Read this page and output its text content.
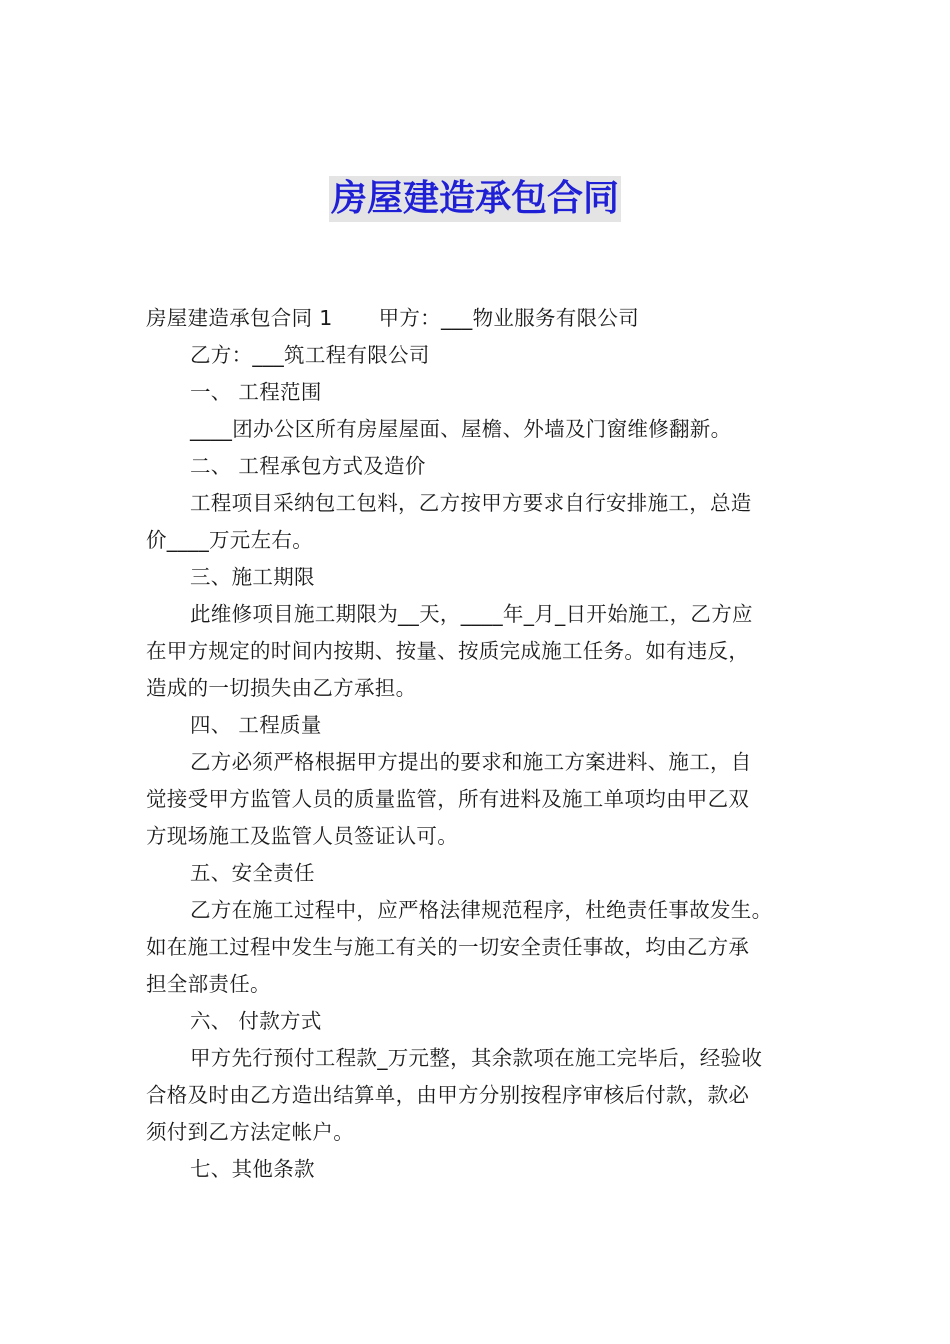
房屋建造承包合同
房屋建造承包合同 1 甲方：___物业服务有限公司
乙方：___筑工程有限公司
一、 工程范围
____团办公区所有房屋屋面、屋檐、外墙及门窗维修翻新。
二、 工程承包方式及造价
工程项目采纳包工包料，乙方按甲方要求自行安排施工，总造
价____万元左右。
三、施工期限
此维修项目施工期限为__天，____年_月_日开始施工，乙方应
在甲方规定的时间内按期、按量、按质完成施工任务。如有违反，
造成的一切损失由乙方承担。
四、 工程质量
乙方必须严格根据甲方提出的要求和施工方案进料、施工，自
觉接受甲方监管人员的质量监管，所有进料及施工单项均由甲乙双
方现场施工及监管人员签证认可。
五、安全责任
乙方在施工过程中，应严格法律规范程序，杜绝责任事故发生。
如在施工过程中发生与施工有关的一切安全责任事故，均由乙方承
担全部责任。
六、 付款方式
甲方先行预付工程款_万元整，其余款项在施工完毕后，经验收
合格及时由乙方造出结算单，由甲方分别按程序审核后付款，款必
须付到乙方法定帐户。
七、其他条款
